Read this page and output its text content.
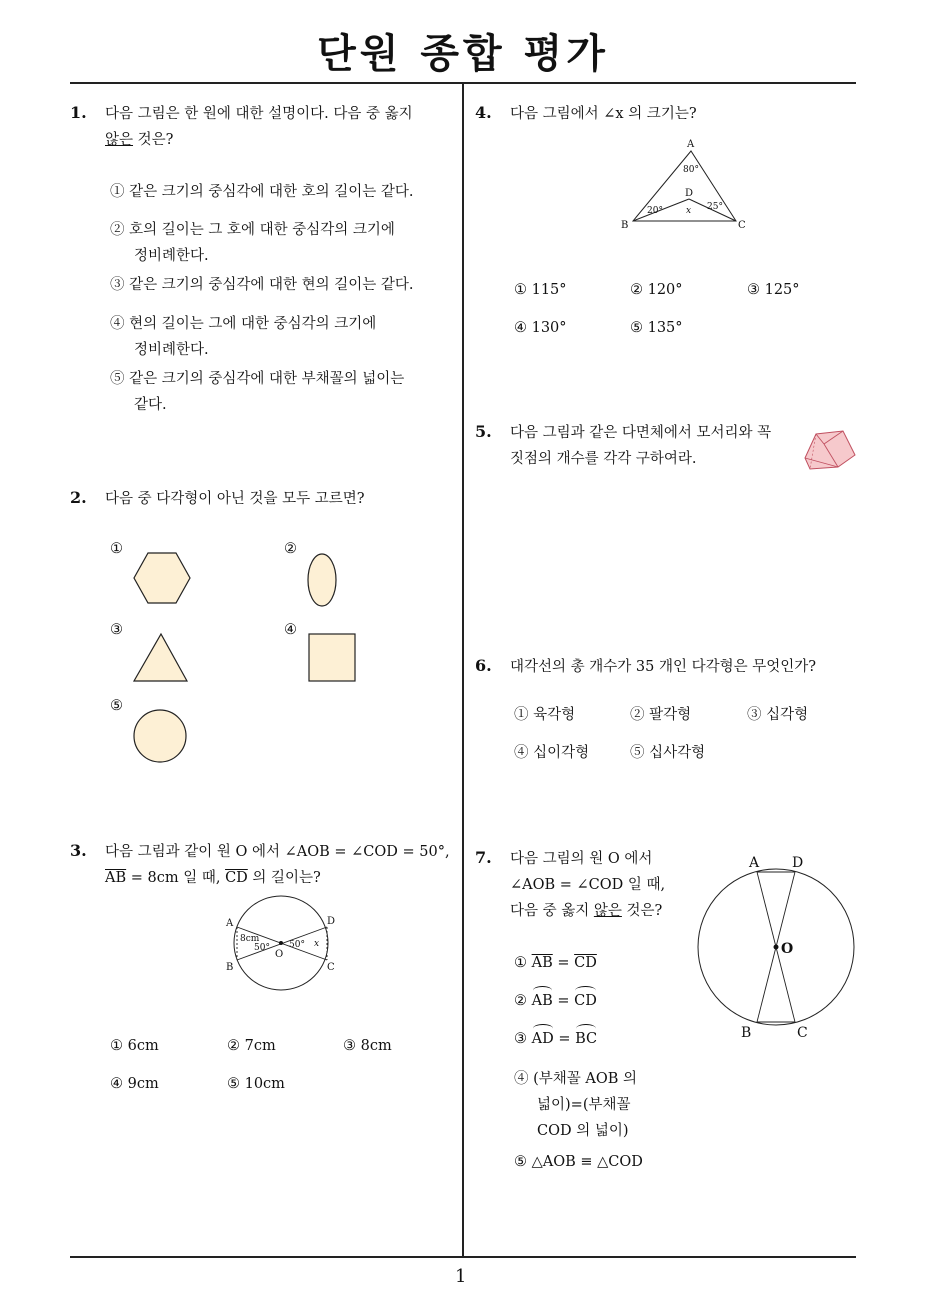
단원 종합 평가
1
1. 다음 그림은 한 원에 대한 설명이다. 다음 중 옳지
않은 것은?
① 같은 크기의 중심각에 대한 호의 길이는 같다.
② 호의 길이는 그 호에 대한 중심각의 크기에
정비례한다.
③ 같은 크기의 중심각에 대한 현의 길이는 같다.
④ 현의 길이는 그에 대한 중심각의 크기에
정비례한다.
⑤ 같은 크기의 중심각에 대한 부채꼴의 넓이는
같다.
2. 다음 중 다각형이 아닌 것을 모두 고르면?
①	②
③	④
⑤
3. 다음 그림과 같이 원 O 에서 ∠AOB = ∠COD = 50°,
$\overline{AB} = 8cm$ 일 때, $\overline{CD}$ 의 길이는?
A
B	C
D
O
8cm
50° 50° x
① 6cm	② 7cm	③ 8cm
④ 9cm	⑤ 10cm
4. 다음 그림에서 ∠x 의 크기는?
A
B	C
D
80°
20°	25°
x
① 115°	② 120°	③ 125°
④ 130°	⑤ 135°
5. 다음 그림과 같은 다면체에서 모서리와 꼭
짓점의 개수를 각각 구하여라.
6. 대각선의 총 개수가 35 개인 다각형은 무엇인가?
① 육각형	② 팔각형	③ 십각형
④ 십이각형	⑤ 십사각형
7. 다음 그림의 원 O 에서
∠AOB = ∠COD 일 때,
다음 중 옳지 않은 것은?
A D
B	C
O
① $\overline{AB} = \overline{CD}$
② AB = CD
③ AD = BC
④ (부채꼴 AOB 의
넓이)=(부채꼴
COD 의 넓이)
⑤ △AOB ≡ △COD
